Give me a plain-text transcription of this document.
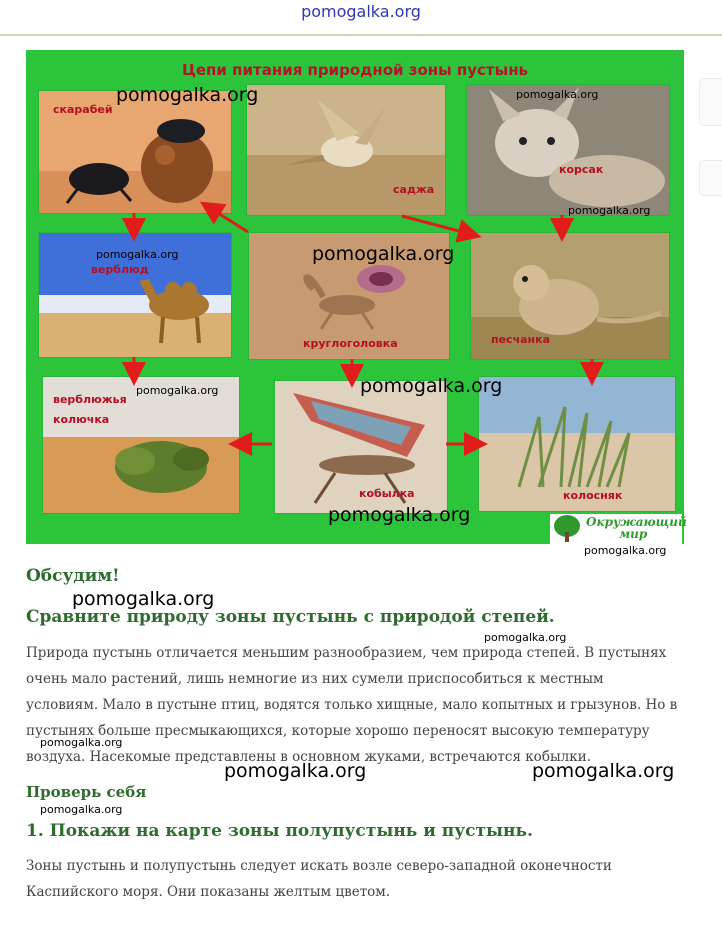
pomogalka.org
Цепи питания природной зоны пустынь
скарабей
саджа
корсак
верблюд
круглоголовка	песчанка
верблюжья
колючка
кобылка	колосняк
Окружающий
мир
pomogalka.org	pomogalka.org
pomogalka.org
pomogalka.org	pomogalka.org
pomogalka.org	pomogalka.org
pomogalka.org
pomogalka.org
pomogalka.org
pomogalka.org
pomogalka.org
pomogalka.org	pomogalka.org
pomogalka.org
Обсудим!
Сравните природу зоны пустынь с природой степей.
Природа пустынь отличается меньшим разнообразием, чем природа степей. В пустынях очень мало растений, лишь немногие из них сумели приспособиться к местным условиям. Мало в пустыне птиц, водятся только хищные, мало копытных и грызунов. Но в пустынях больше пресмыкающихся, которые хорошо переносят высокую температуру воздуха. Насекомые представлены в основном жуками, встречаются кобылки.
Проверь себя
1. Покажи на карте зоны полупустынь и пустынь.
Зоны пустынь и полупустынь следует искать возле северо-западной оконечности Каспийского моря. Они показаны желтым цветом.
